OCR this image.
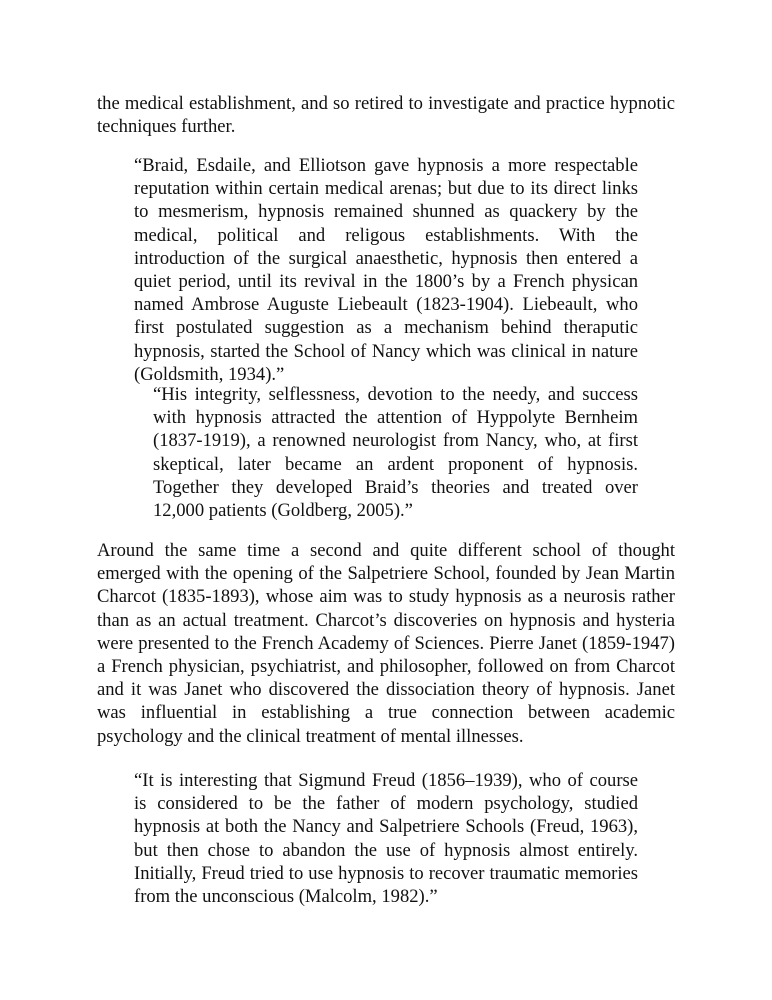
the medical establishment, and so retired to investigate and practice hypnotic techniques further.

“Braid, Esdaile, and Elliotson gave hypnosis a more respectable reputation within certain medical arenas; but due to its direct links to mesmerism, hypnosis remained shunned as quackery by the medical, political and religous establishments. With the introduction of the surgical anaesthetic, hypnosis then entered a quiet period, until its revival in the 1800’s by a French physican named Ambrose Auguste Liebeault (1823-1904). Liebeault, who first postulated suggestion as a mechanism behind theraputic hypnosis, started the School of Nancy which was clinical in nature (Goldsmith, 1934).”

“His integrity, selflessness, devotion to the needy, and success with hypnosis attracted the attention of Hyppolyte Bernheim (1837-1919), a renowned neurologist from Nancy, who, at first skeptical, later became an ardent proponent of hypnosis. Together they developed Braid’s theories and treated over 12,000 patients (Goldberg, 2005).”

Around the same time a second and quite different school of thought emerged with the opening of the Salpetriere School, founded by Jean Martin Charcot (1835-1893), whose aim was to study hypnosis as a neurosis rather than as an actual treatment. Charcot’s discoveries on hypnosis and hysteria were presented to the French Academy of Sciences. Pierre Janet (1859-1947) a French physician, psychiatrist, and philosopher, followed on from Charcot and it was Janet who discovered the dissociation theory of hypnosis. Janet was influential in establishing a true connection between academic psychology and the clinical treatment of mental illnesses.

“It is interesting that Sigmund Freud (1856–1939), who of course is considered to be the father of modern psychology, studied hypnosis at both the Nancy and Salpetriere Schools (Freud, 1963), but then chose to abandon the use of hypnosis almost entirely. Initially, Freud tried to use hypnosis to recover traumatic memories from the unconscious (Malcolm, 1982).”
